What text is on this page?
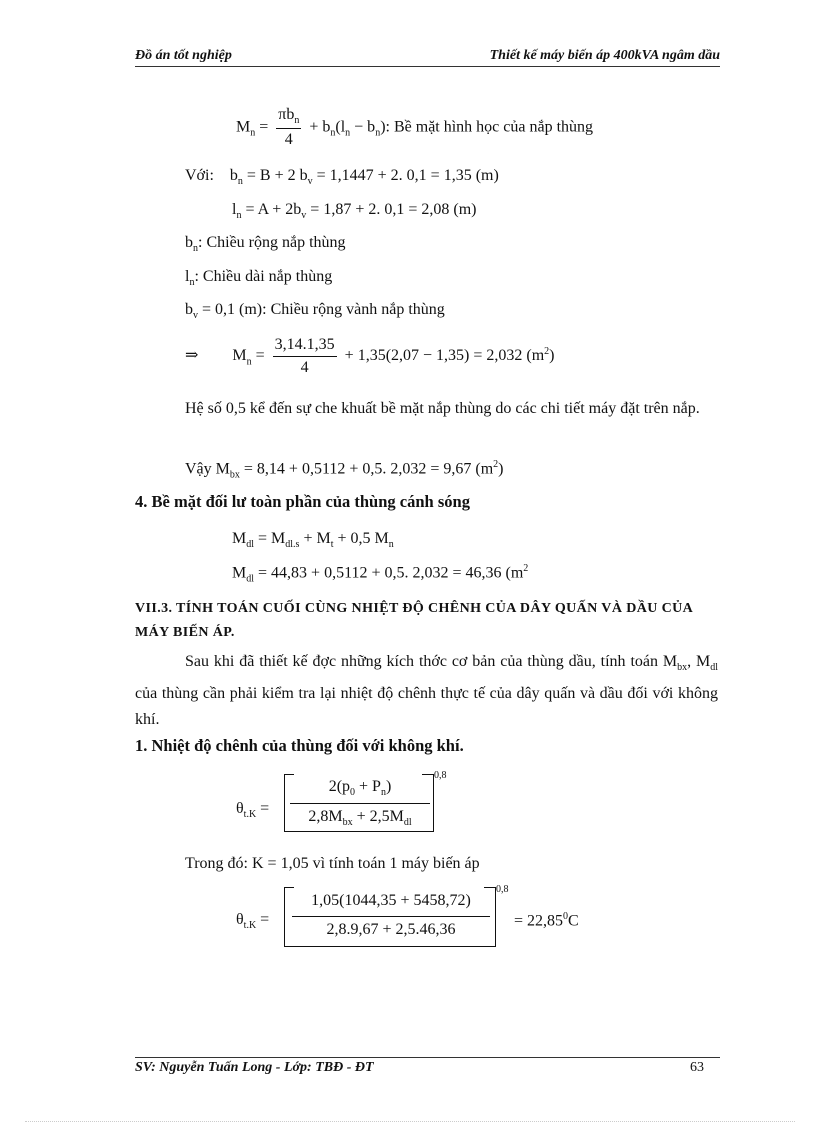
Đồ án tốt nghiệp	Thiết kế máy biến áp 400kVA ngâm dầu
$M_n = \frac{\pi b_n}{4} + b_n(l_n - b_n)$: Bề mặt hình học của nắp thùng
Với: $b_n = B + 2$ $b_v = 1,1447 + 2$. 0,1 = 1,35 (m)
$l_n = A + 2b_v = 1,87 + 2$. 0,1 = 2,08 (m)
$b_n$: Chiều rộng nắp thùng
$l_n$: Chiều dài nắp thùng
$b_v = 0,1$ (m): Chiều rộng vành nắp thùng
⇒ $M_n = \frac{3,14.1,35}{4} + 1,35(2,07 - 1,35) = 2,032$ $(m^2)$
Hệ số 0,5 kể đến sự che khuất bề mặt nắp thùng do các chi tiết máy đặt trên nắp.
Vậy $M_{bx} = 8,14 + 0,5112 + 0,5$. 2,032 = 9,67 $(m^2)$
4. Bề mặt đối lư toàn phần của thùng cánh sóng
$M_{dl} = M_{dl.s} + M_t + 0,5$ $M_n$
$M_{dl} = 44,83 + 0,5112 + 0,5$. 2,032 = 46,36 ($m^2$
VII.3. TÍNH TOÁN CUỐI CÙNG NHIỆT ĐỘ CHÊNH CỦA DÂY QUẤN VÀ DẦU CỦA MÁY BIẾN ÁP.
Sau khi đã thiết kế đợc những kích thớc cơ bản của thùng dầu, tính toán $M_{bx}$, $M_{dl}$ của thùng cần phải kiểm tra lại nhiệt độ chênh thực tế của dây quấn và dầu đối với không khí.
1. Nhiệt độ chênh của thùng đối với không khí.
$\theta_{t.K}$ =
$2(p_0 + P_n)$
$2,8M_{bx} + 2,5M_{dl}$
0,8
Trong đó: K = 1,05 vì tính toán 1 máy biến áp
$\theta_{t.K}$ =
1,05(1044,35 + 5458,72)
2,8.9,67 + 2,5.46,36
0,8
= $22,85^0C$
SV: Nguyễn Tuấn Long - Lớp: TBĐ - ĐT	63
